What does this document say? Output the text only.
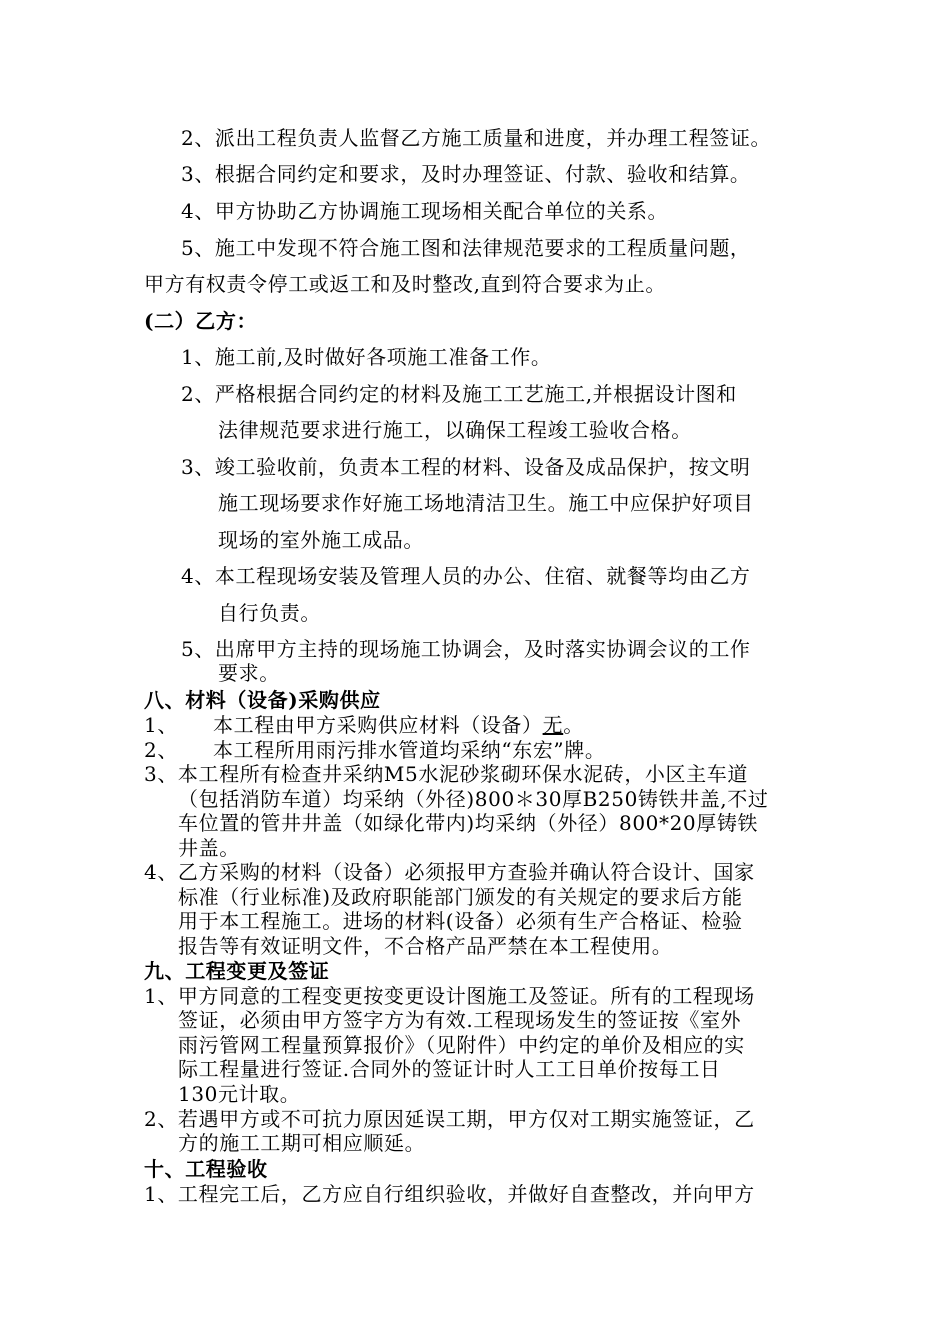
2、派出工程负责人监督乙方施工质量和进度，并办理工程签证。
3、根据合同约定和要求，及时办理签证、付款、验收和结算。
4、甲方协助乙方协调施工现场相关配合单位的关系。
5、施工中发现不符合施工图和法律规范要求的工程质量问题，
甲方有权责令停工或返工和及时整改,直到符合要求为止。
(二）乙方：
1、施工前,及时做好各项施工准备工作。
2、严格根据合同约定的材料及施工工艺施工,并根据设计图和
法律规范要求进行施工，以确保工程竣工验收合格。
3、竣工验收前，负责本工程的材料、设备及成品保护，按文明
施工现场要求作好施工场地清洁卫生。施工中应保护好项目
现场的室外施工成品。
4、本工程现场安装及管理人员的办公、住宿、就餐等均由乙方
自行负责。
5、出席甲方主持的现场施工协调会，及时落实协调会议的工作
要求。
八、材料（设备)采购供应
1、 本工程由甲方采购供应材料（设备）无。
2、 本工程所用雨污排水管道均采纳“东宏”牌。
3、本工程所有检查井采纳M5水泥砂浆砌环保水泥砖，小区主车道
（包括消防车道）均采纳（外径)800＊30厚B250铸铁井盖,不过
车位置的管井井盖（如绿化带内)均采纳（外径）800*20厚铸铁
井盖。
4、乙方采购的材料（设备）必须报甲方查验并确认符合设计、国家
标准（行业标准)及政府职能部门颁发的有关规定的要求后方能
用于本工程施工。进场的材料(设备）必须有生产合格证、检验
报告等有效证明文件，不合格产品严禁在本工程使用。
九、工程变更及签证
1、甲方同意的工程变更按变更设计图施工及签证。所有的工程现场
签证，必须由甲方签字方为有效.工程现场发生的签证按《室外
雨污管网工程量预算报价》（见附件）中约定的单价及相应的实
际工程量进行签证.合同外的签证计时人工工日单价按每工日
130元计取。
2、若遇甲方或不可抗力原因延误工期，甲方仅对工期实施签证，乙
方的施工工期可相应顺延。
十、工程验收
1、工程完工后，乙方应自行组织验收，并做好自查整改，并向甲方
